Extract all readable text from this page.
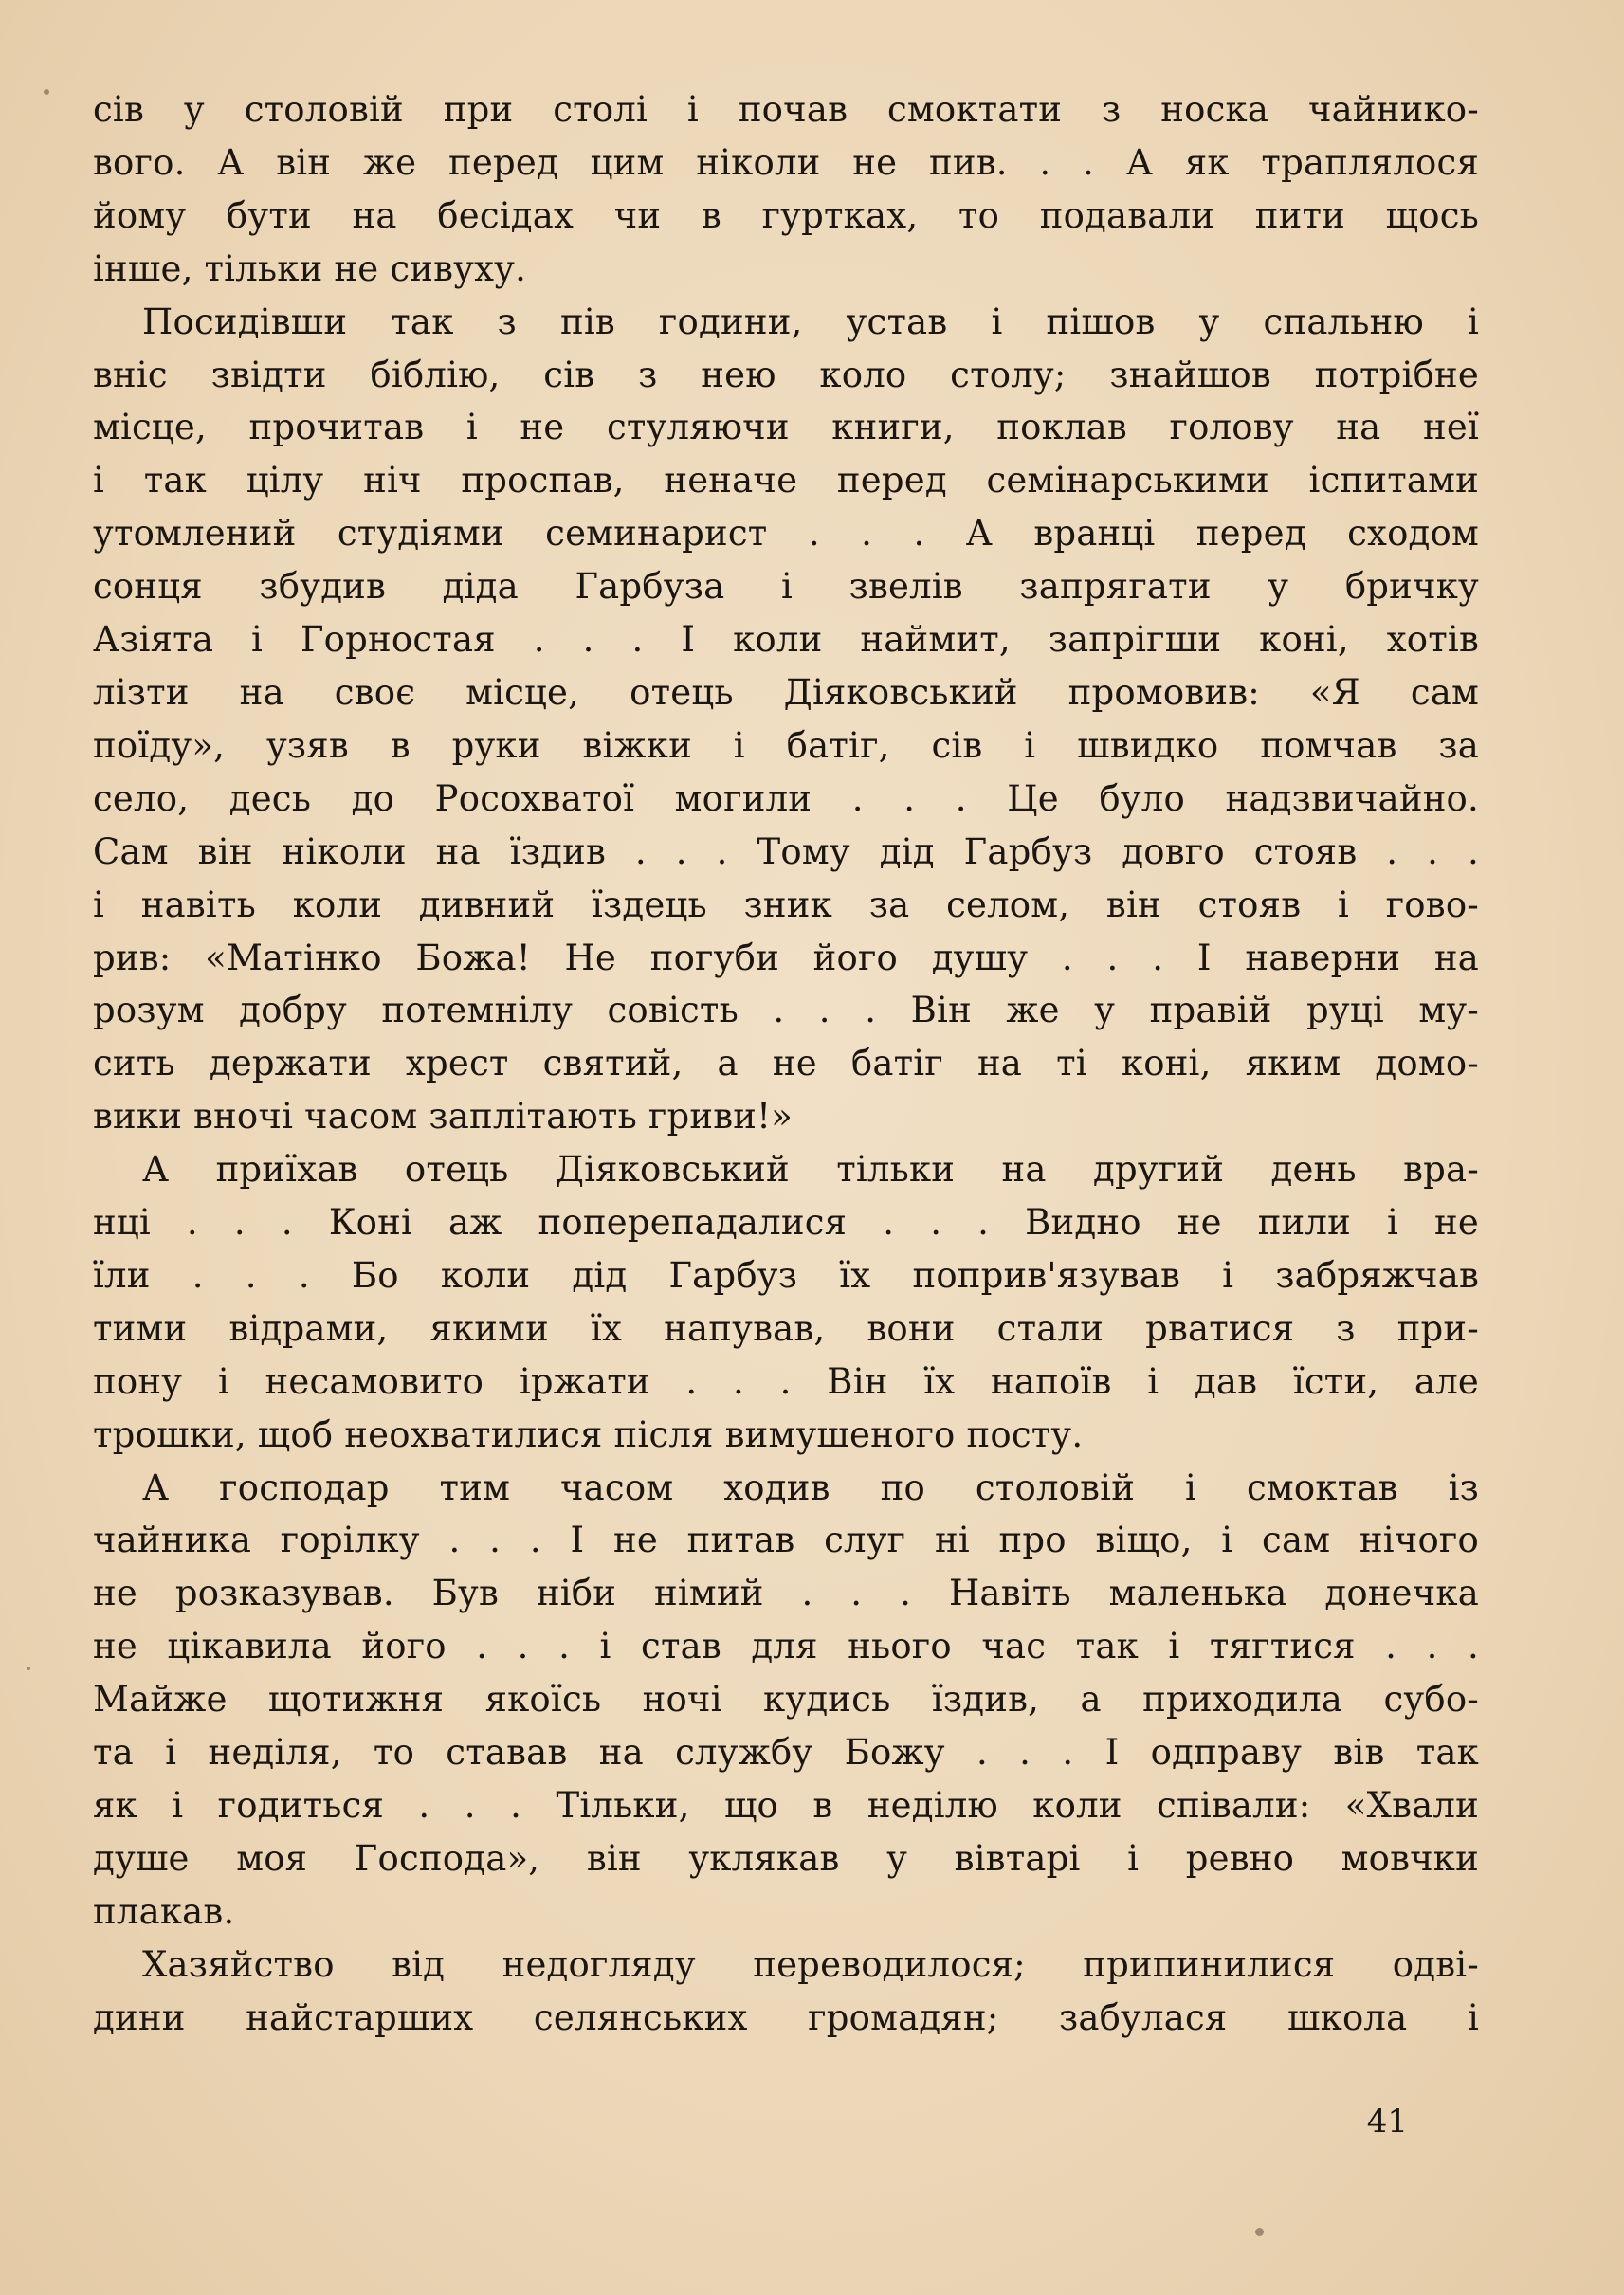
сів у столовій при столі і почав смоктати з носка чайнико-
вого. А він же перед цим ніколи не пив. . . А як траплялося
йому бути на бесідах чи в гуртках, то подавали пити щось
інше, тільки не сивуху.
Посидівши так з пів години, устав і пішов у спальню і
вніс звідти біблію, сів з нею коло столу; знайшов потрібне
місце, прочитав і не стуляючи книги, поклав голову на неї
і так цілу ніч проспав, неначе перед семінарськими іспитами
утомлений студіями семинарист . . . А вранці перед сходом
сонця збудив діда Гарбуза і звелів запрягати у бричку
Азіята і Горностая . . . І коли наймит, запрігши коні, хотів
лізти на своє місце, отець Діяковський промовив: «Я сам
поїду», узяв в руки віжки і батіг, сів і швидко помчав за
село, десь до Росохватої могили . . . Це було надзвичайно.
Сам він ніколи на їздив . . . Тому дід Гарбуз довго стояв . . .
і навіть коли дивний їздець зник за селом, він стояв і гово-
рив: «Матінко Божа! Не погуби його душу . . . І наверни на
розум добру потемнілу совість . . . Він же у правій руці му-
сить держати хрест святий, а не батіг на ті коні, яким домо-
вики вночі часом заплітають гриви!»
А приїхав отець Діяковський тільки на другий день вра-
нці . . . Коні аж поперепадалися . . . Видно не пили і не
їли . . . Бо коли дід Гарбуз їх поприв'язував і забряжчав
тими відрами, якими їх напував, вони стали рватися з при-
пону і несамовито іржати . . . Він їх напоїв і дав їсти, але
трошки, щоб неохватилися після вимушеного посту.
А господар тим часом ходив по столовій і смоктав із
чайника горілку . . . І не питав слуг ні про віщо, і сам нічого
не розказував. Був ніби німий . . . Навіть маленька донечка
не цікавила його . . . і став для нього час так і тягтися . . .
Майже щотижня якоїсь ночі кудись їздив, а приходила субо-
та і неділя, то ставав на службу Божу . . . І одправу вів так
як і годиться . . . Тільки, що в неділю коли співали: «Хвали
душе моя Господа», він уклякав у вівтарі і ревно мовчки
плакав.
Хазяйство від недогляду переводилося; припинилися одві-
дини найстарших селянських громадян; забулася школа і
41
